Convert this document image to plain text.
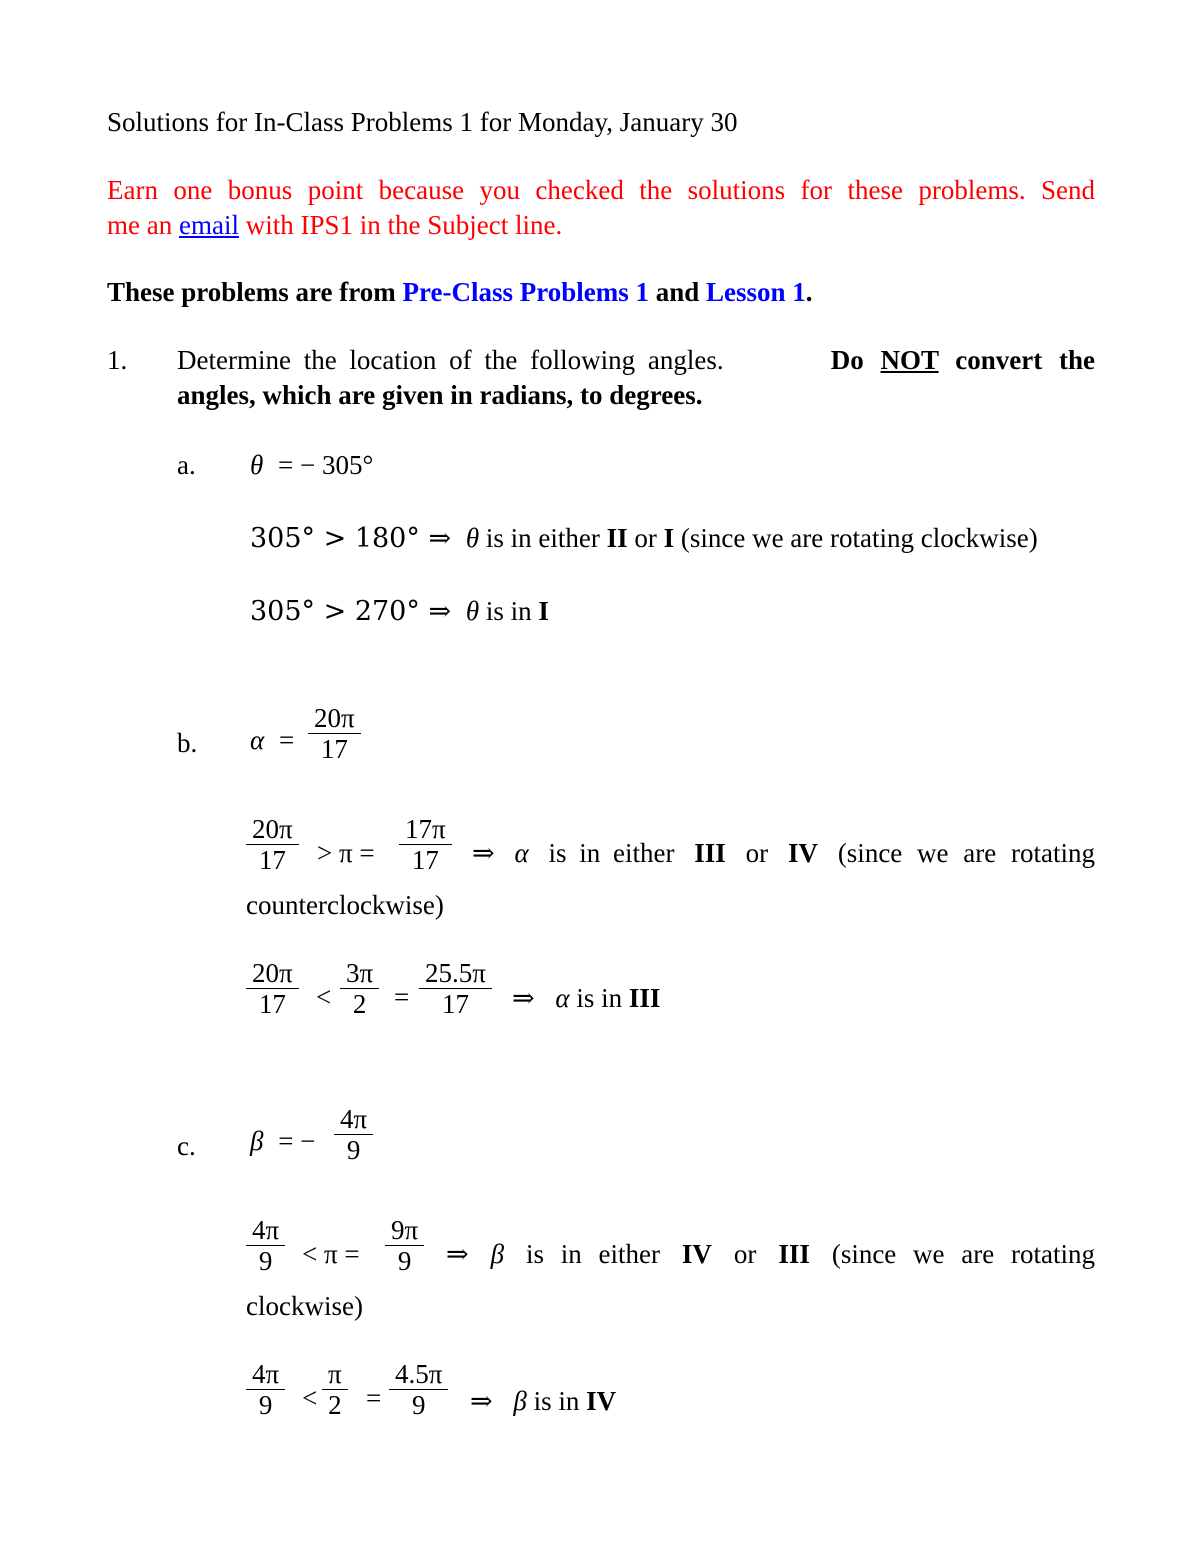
Solutions for In-Class Problems 1 for Monday, January 30
Earn one bonus point because you checked the solutions for these problems. Send
me an email with IPS1 in the Subject line.
These problems are from Pre-Class Problems 1 and Lesson 1.
1. Determine the location of the following angles.	Do NOT convert the
angles, which are given in radians, to degrees.
a. θ = − 305°
305° > 180° ⇒ θ is in either II or I (since we are rotating clockwise)
305° > 270° ⇒ θ is in I
b. α =
20π
17
20π
17 > π =
17π
17 ⇒ α is in either III or IV (since we are rotating
counterclockwise)
20π
17 <
3π
2 =
25.5π
17 ⇒ α is in III
c. β = −
4π
9
4π
9 < π =
9π
9 ⇒ β is in either IV or III (since we are rotating
clockwise)
4π
9 <
π
2 =
4.5π
9 ⇒ β is in IV
